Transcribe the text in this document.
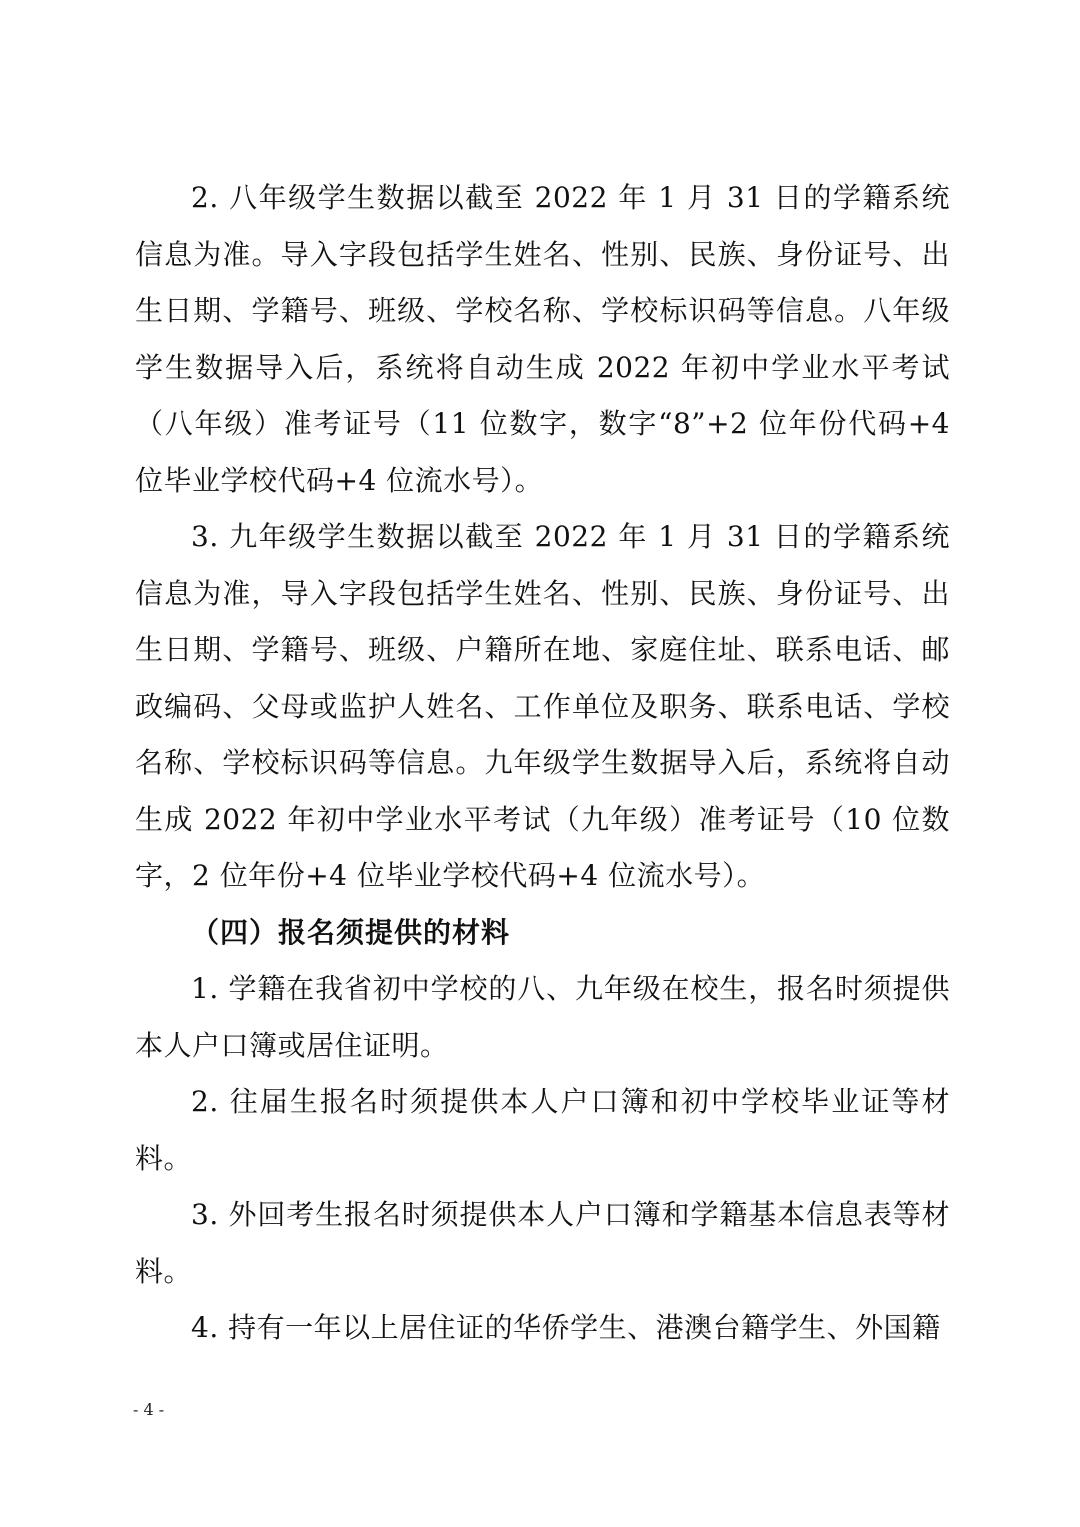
2. 八年级学生数据以截至 2022 年 1 月 31 日的学籍系统信息为准。导入字段包括学生姓名、性别、民族、身份证号、出生日期、学籍号、班级、学校名称、学校标识码等信息。八年级学生数据导入后，系统将自动生成 2022 年初中学业水平考试（八年级）准考证号（11 位数字，数字“8”+2 位年份代码+4 位毕业学校代码+4 位流水号）。

3. 九年级学生数据以截至 2022 年 1 月 31 日的学籍系统信息为准，导入字段包括学生姓名、性别、民族、身份证号、出生日期、学籍号、班级、户籍所在地、家庭住址、联系电话、邮政编码、父母或监护人姓名、工作单位及职务、联系电话、学校名称、学校标识码等信息。九年级学生数据导入后，系统将自动生成 2022 年初中学业水平考试（九年级）准考证号（10 位数字，2 位年份+4 位毕业学校代码+4 位流水号）。

（四）报名须提供的材料

1. 学籍在我省初中学校的八、九年级在校生，报名时须提供本人户口簿或居住证明。

2. 往届生报名时须提供本人户口簿和初中学校毕业证等材料。

3. 外回考生报名时须提供本人户口簿和学籍基本信息表等材料。

4. 持有一年以上居住证的华侨学生、港澳台籍学生、外国籍

- 4 -
